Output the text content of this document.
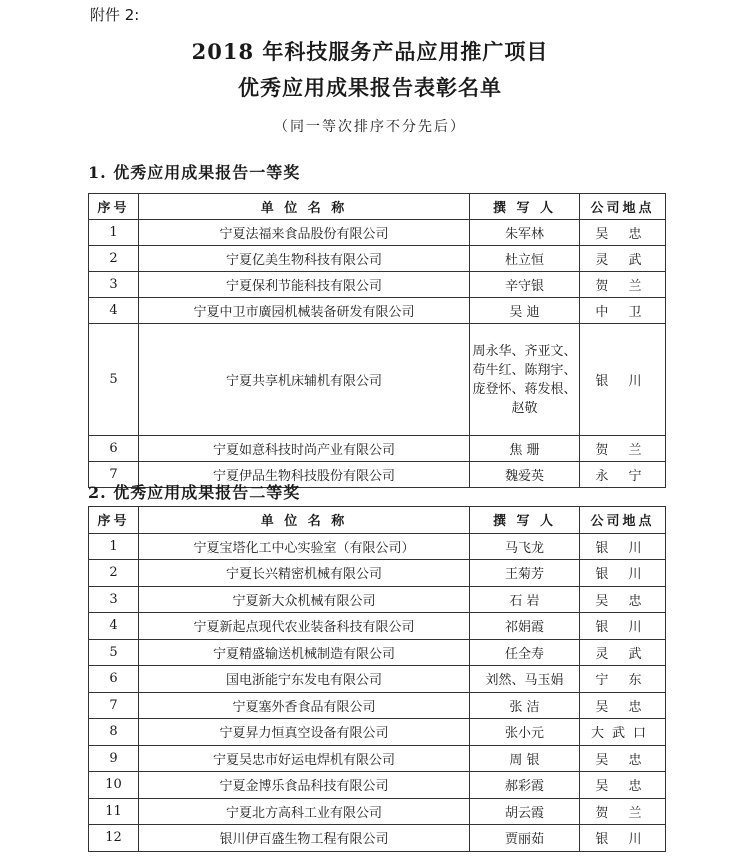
附件 2:
2018 年科技服务产品应用推广项目
优秀应用成果报告表彰名单
（同一等次排序不分先后）
1. 优秀应用成果报告一等奖
序号	单 位 名 称	撰 写 人	公司地点
1	宁夏法福来食品股份有限公司	朱军林	吴 忠
2	宁夏亿美生物科技有限公司	杜立恒	灵 武
3	宁夏保利节能科技有限公司	辛守银	贺 兰
4	宁夏中卫市廣园机械装备研发有限公司	吴 迪	中 卫
5	宁夏共享机床辅机有限公司	周永华、齐亚文、苟牛红、陈翔宇、庞登怀、蒋发根、赵敬	银 川
6	宁夏如意科技时尚产业有限公司	焦 珊	贺 兰
7	宁夏伊品生物科技股份有限公司	魏爱英	永 宁
2. 优秀应用成果报告二等奖
序号	单 位 名 称	撰 写 人	公司地点
1	宁夏宝塔化工中心实验室（有限公司）	马飞龙	银 川
2	宁夏长兴精密机械有限公司	王菊芳	银 川
3	宁夏新大众机械有限公司	石 岩	吴 忠
4	宁夏新起点现代农业装备科技有限公司	祁娟霞	银 川
5	宁夏精盛输送机械制造有限公司	任全寿	灵 武
6	国电浙能宁东发电有限公司	刘然、马玉娟	宁 东
7	宁夏塞外香食品有限公司	张 洁	吴 忠
8	宁夏昇力恒真空设备有限公司	张小元	大武口
9	宁夏吴忠市好运电焊机有限公司	周 银	吴 忠
10	宁夏金博乐食品科技有限公司	郝彩霞	吴 忠
11	宁夏北方高科工业有限公司	胡云霞	贺 兰
12	银川伊百盛生物工程有限公司	贾丽茹	银 川
